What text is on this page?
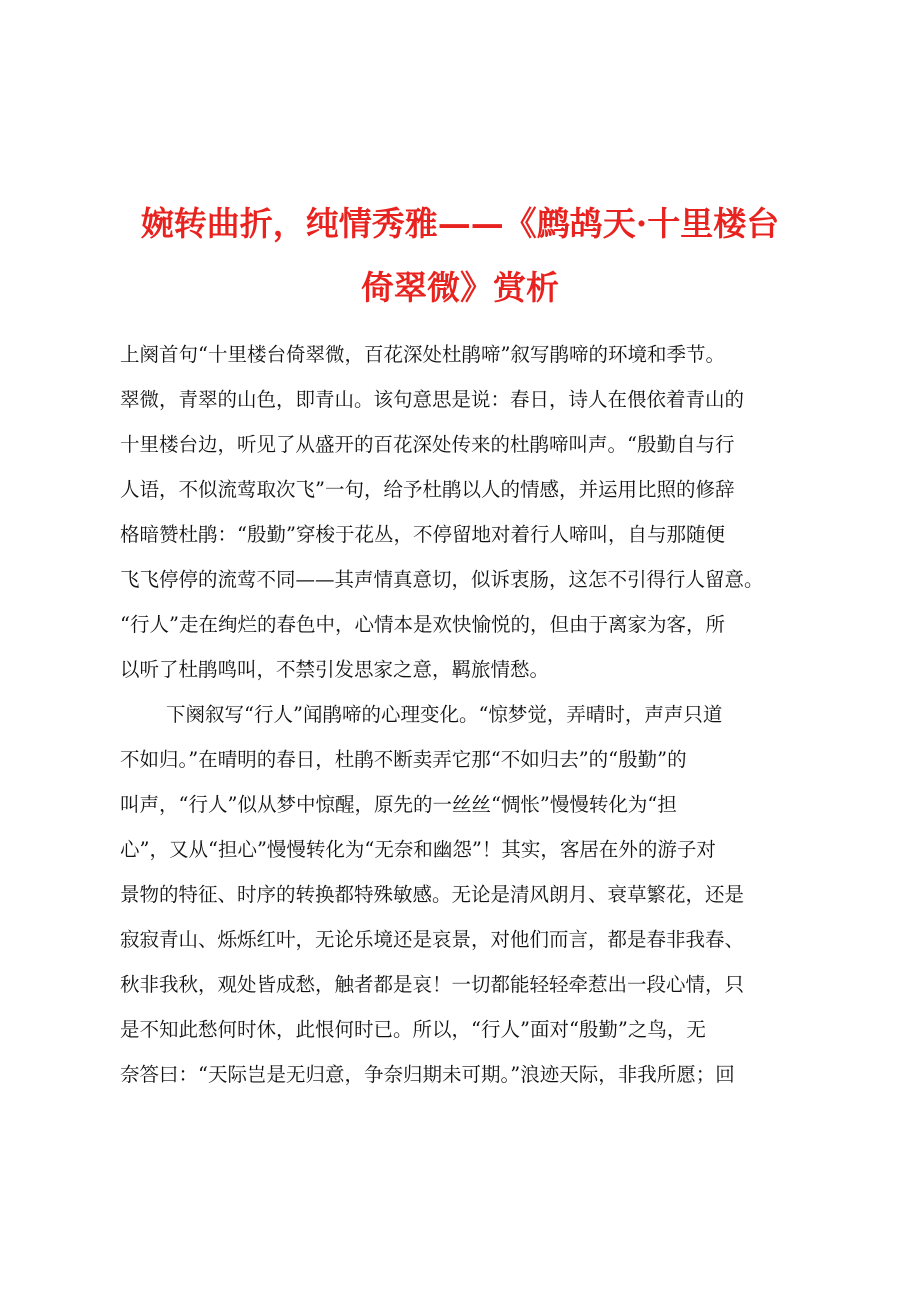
婉转曲折，纯情秀雅——《鹧鸪天·十里楼台
倚翠微》赏析
上阕首句“十里楼台倚翠微，百花深处杜鹃啼”叙写鹃啼的环境和季节。
翠微，青翠的山色，即青山。该句意思是说：春日，诗人在偎依着青山的
十里楼台边，听见了从盛开的百花深处传来的杜鹃啼叫声。“殷勤自与行
人语，不似流莺取次飞”一句，给予杜鹃以人的情感，并运用比照的修辞
格暗赞杜鹃：“殷勤”穿梭于花丛，不停留地对着行人啼叫，自与那随便
飞飞停停的流莺不同——其声情真意切，似诉衷肠，这怎不引得行人留意。
“行人”走在绚烂的春色中，心情本是欢快愉悦的，但由于离家为客，所
以听了杜鹃鸣叫，不禁引发思家之意，羁旅情愁。
下阕叙写“行人”闻鹃啼的心理变化。“惊梦觉，弄晴时，声声只道
不如归。”在晴明的春日，杜鹃不断卖弄它那“不如归去”的“殷勤”的
叫声，“行人”似从梦中惊醒，原先的一丝丝“惆怅”慢慢转化为“担
心”，又从“担心”慢慢转化为“无奈和幽怨”！其实，客居在外的游子对
景物的特征、时序的转换都特殊敏感。无论是清风朗月、衰草繁花，还是
寂寂青山、烁烁红叶，无论乐境还是哀景，对他们而言，都是春非我春、
秋非我秋，观处皆成愁，触者都是哀！一切都能轻轻牵惹出一段心情，只
是不知此愁何时休，此恨何时已。所以，“行人”面对“殷勤”之鸟，无
奈答曰：“天际岂是无归意，争奈归期未可期。”浪迹天际，非我所愿；回
